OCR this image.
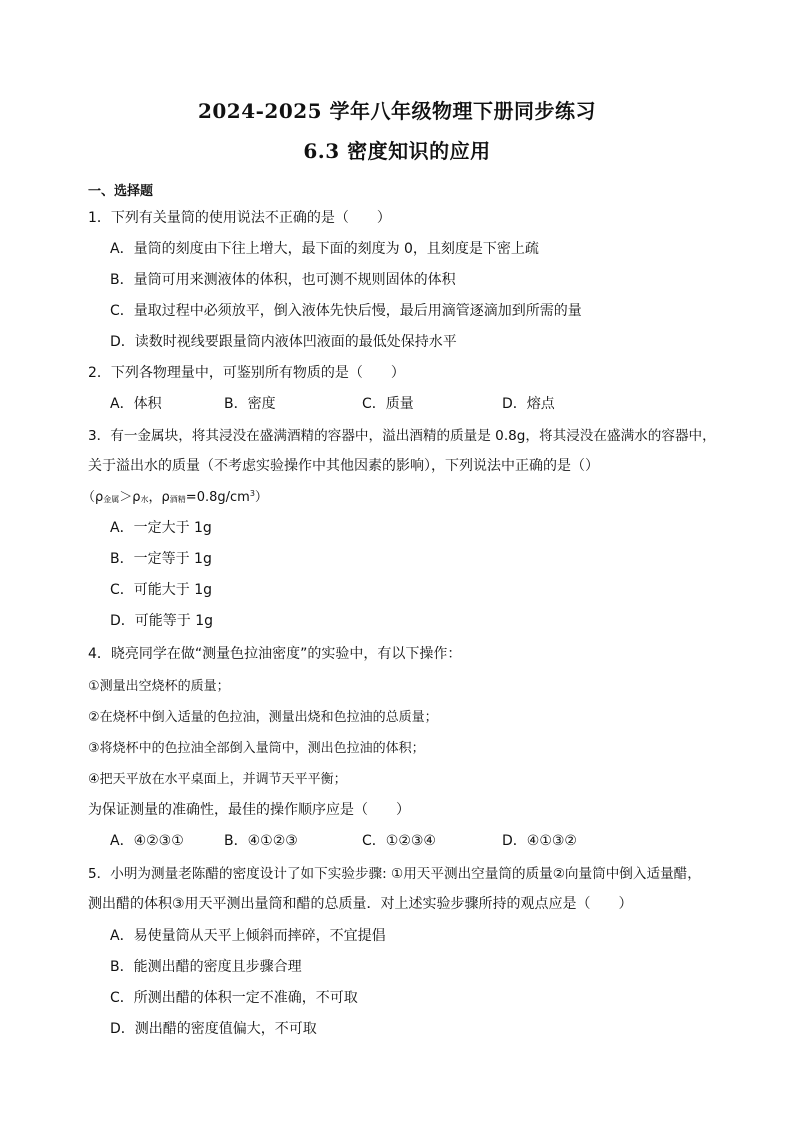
2024-2025 学年八年级物理下册同步练习
6.3 密度知识的应用
一、选择题
1．下列有关量筒的使用说法不正确的是（　　）
A．量筒的刻度由下往上增大，最下面的刻度为 0，且刻度是下密上疏
B．量筒可用来测液体的体积，也可测不规则固体的体积
C．量取过程中必须放平，倒入液体先快后慢，最后用滴管逐滴加到所需的量
D．读数时视线要跟量筒内液体凹液面的最低处保持水平
2．下列各物理量中，可鉴别所有物质的是（　　）
A．体积	B．密度	C．质量	D．熔点
3．有一金属块，将其浸没在盛满酒精的容器中，溢出酒精的质量是 0.8g，将其浸没在盛满水的容器中，
关于溢出水的质量（不考虑实验操作中其他因素的影响），下列说法中正确的是（）
（ρ金属＞ρ水，ρ酒精$=0.8g/cm^3$）
A．一定大于 1g
B．一定等于 1g
C．可能大于 1g
D．可能等于 1g
4．晓亮同学在做“测量色拉油密度”的实验中，有以下操作：
①测量出空烧杯的质量；
②在烧杯中倒入适量的色拉油，测量出烧和色拉油的总质量；
③将烧杯中的色拉油全部倒入量筒中，测出色拉油的体积；
④把天平放在水平桌面上，并调节天平平衡；
为保证测量的准确性，最佳的操作顺序应是（　　）
A．④②③①	B．④①②③	C．①②③④	D．④①③②
5．小明为测量老陈醋的密度设计了如下实验步骤: ①用天平测出空量筒的质量②向量筒中倒入适量醋，
测出醋的体积③用天平测出量筒和醋的总质量．对上述实验步骤所持的观点应是（　　）
A．易使量筒从天平上倾斜而摔碎，不宜提倡
B．能测出醋的密度且步骤合理
C．所测出醋的体积一定不准确，不可取
D．测出醋的密度值偏大，不可取
